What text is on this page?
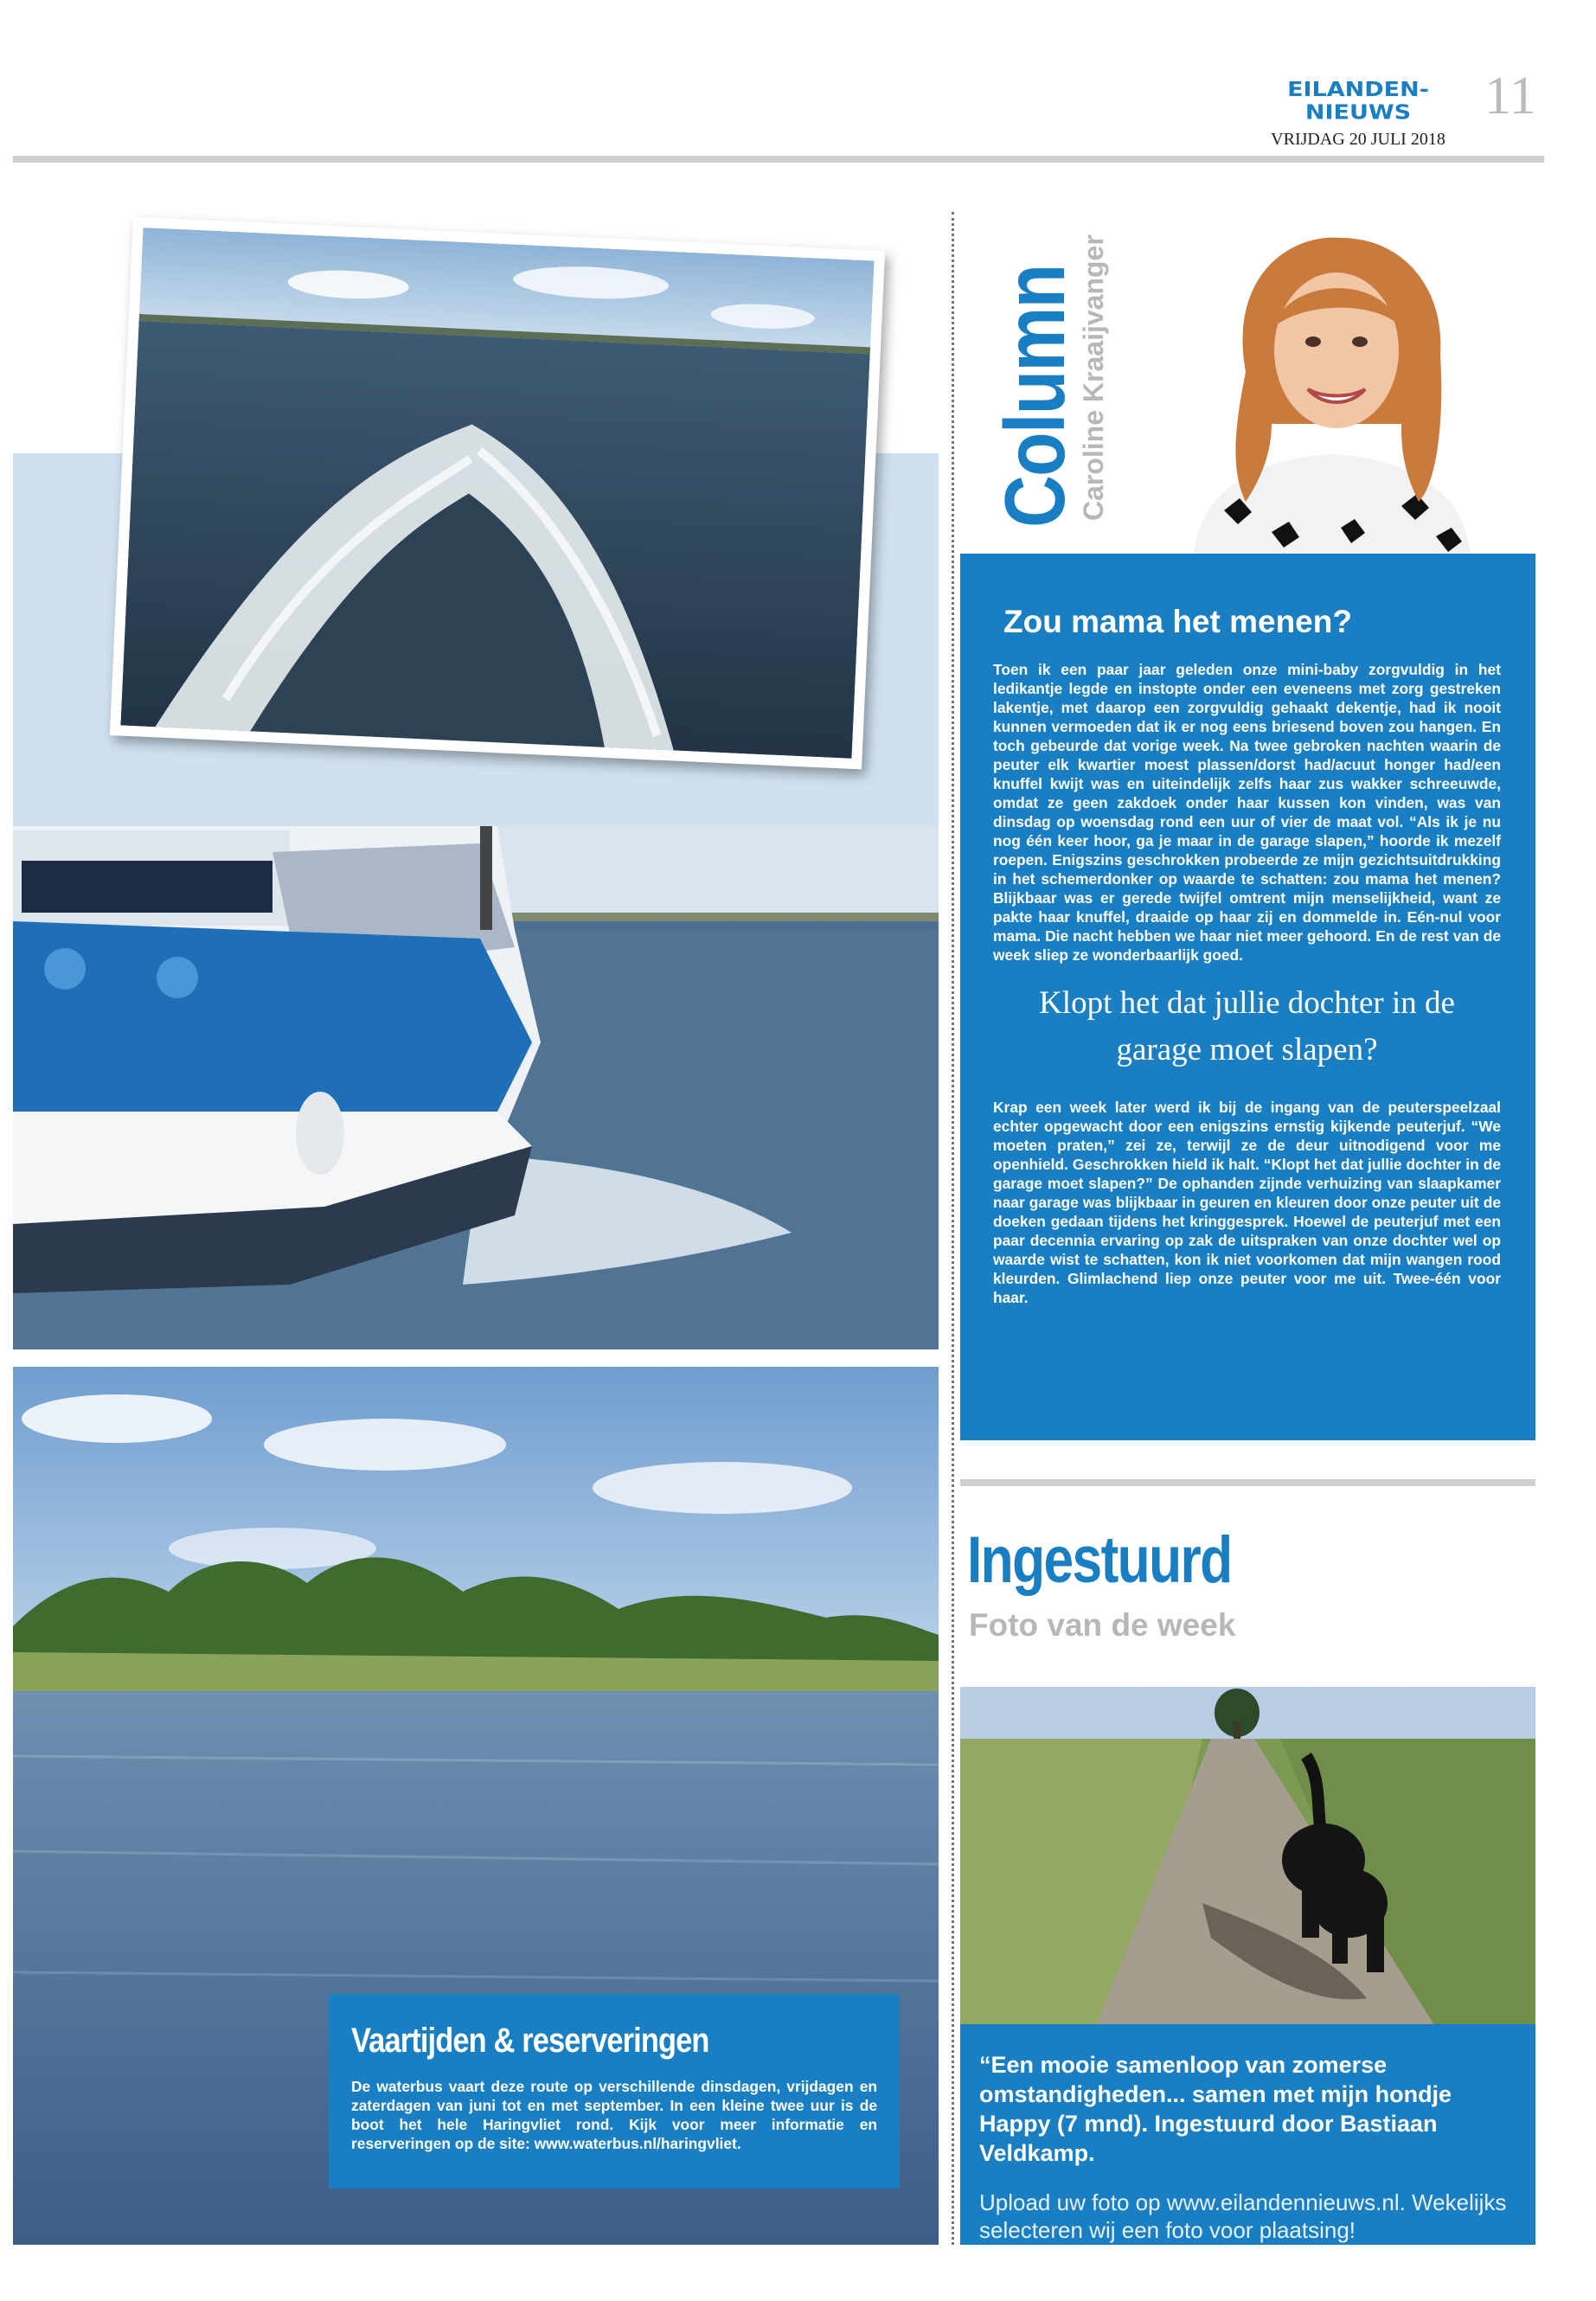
EILANDEN-NIEUWS
VRIJDAG 20 JULI 2018
11
Vaartijden & reserveringen
De waterbus vaart deze route op verschillende dinsdagen, vrijdagen en zaterdagen van juni tot en met september. In een kleine twee uur is de boot het hele Haringvliet rond. Kijk voor meer informatie en reserveringen op de site: www.waterbus.nl/haringvliet.
Column
Caroline Kraaijvanger
Zou mama het menen?
Toen ik een paar jaar geleden onze mini-baby zorgvuldig in het ledikantje legde en instopte onder een eveneens met zorg gestreken lakentje, met daarop een zorgvuldig gehaakt dekentje, had ik nooit kunnen vermoeden dat ik er nog eens briesend boven zou hangen. En toch gebeurde dat vorige week. Na twee gebroken nachten waarin de peuter elk kwartier moest plassen/dorst had/acuut honger had/een knuffel kwijt was en uiteindelijk zelfs haar zus wakker schreeuwde, omdat ze geen zakdoek onder haar kussen kon vinden, was van dinsdag op woensdag rond een uur of vier de maat vol. “Als ik je nu nog één keer hoor, ga je maar in de garage slapen,” hoorde ik mezelf roepen. Enigszins geschrokken probeerde ze mijn gezichtsuitdrukking in het schemerdonker op waarde te schatten: zou mama het menen? Blijkbaar was er gerede twijfel omtrent mijn menselijkheid, want ze pakte haar knuffel, draaide op haar zij en dommelde in. Eén-nul voor mama. Die nacht hebben we haar niet meer gehoord. En de rest van de week sliep ze wonderbaarlijk goed.
Klopt het dat jullie dochter in de garage moet slapen?
Krap een week later werd ik bij de ingang van de peuterspeelzaal echter opgewacht door een enigszins ernstig kijkende peuterjuf. “We moeten praten,” zei ze, terwijl ze de deur uitnodigend voor me openhield. Geschrokken hield ik halt. “Klopt het dat jullie dochter in de garage moet slapen?” De ophanden zijnde verhuizing van slaapkamer naar garage was blijkbaar in geuren en kleuren door onze peuter uit de doeken gedaan tijdens het kringgesprek. Hoewel de peuterjuf met een paar decennia ervaring op zak de uitspraken van onze dochter wel op waarde wist te schatten, kon ik niet voorkomen dat mijn wangen rood kleurden. Glimlachend liep onze peuter voor me uit. Twee-één voor haar.
Ingestuurd
Foto van de week
“Een mooie samenloop van zomerse omstandigheden... samen met mijn hondje Happy (7 mnd). Ingestuurd door Bastiaan Veldkamp.
Upload uw foto op www.eilandennieuws.nl. Wekelijks selecteren wij een foto voor plaatsing!
